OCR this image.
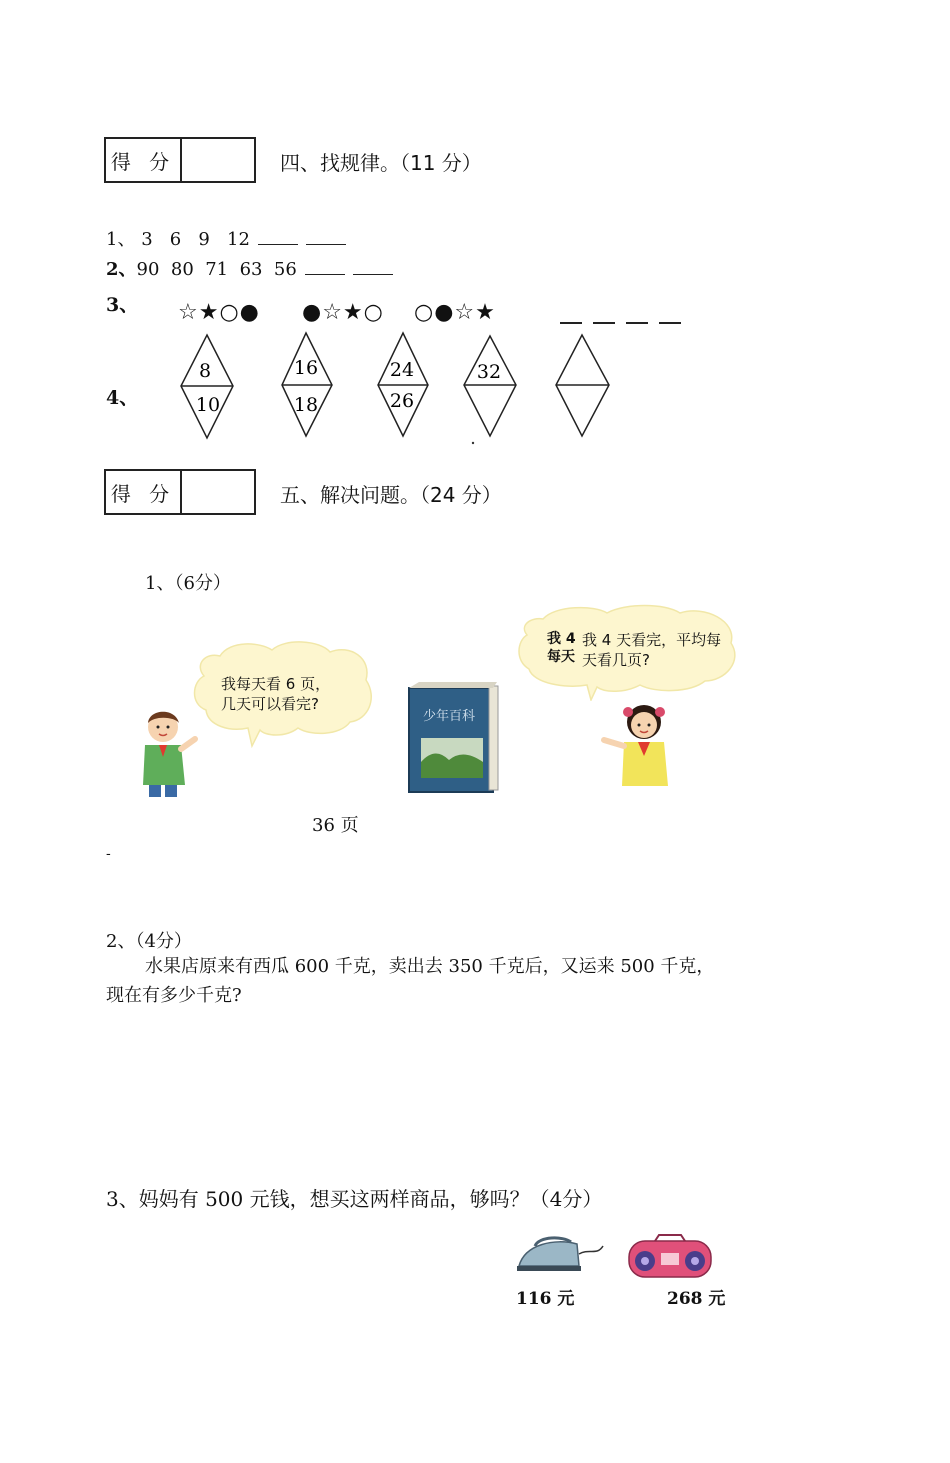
得 分	四、找规律。（11 分）
1、 3   6   9   12
2、90  80  71  63  56
3、 ☆★○● ●☆★○ ○●☆★
4、
8
10
16
18
24
26
32
得 分	五、解决问题。（24 分）
1、（6分）
我每天看 6 页，
几天可以看完?
少年百科
我 4 天看完，平均每
天看几页?
我 4
每天
36 页
-
2、（4分）
水果店原来有西瓜 600 千克，卖出去 350 千克后，又运来 500 千克，
现在有多少千克?
3、妈妈有 500 元钱，想买这两样商品，够吗？（4分）
116 元	268 元
